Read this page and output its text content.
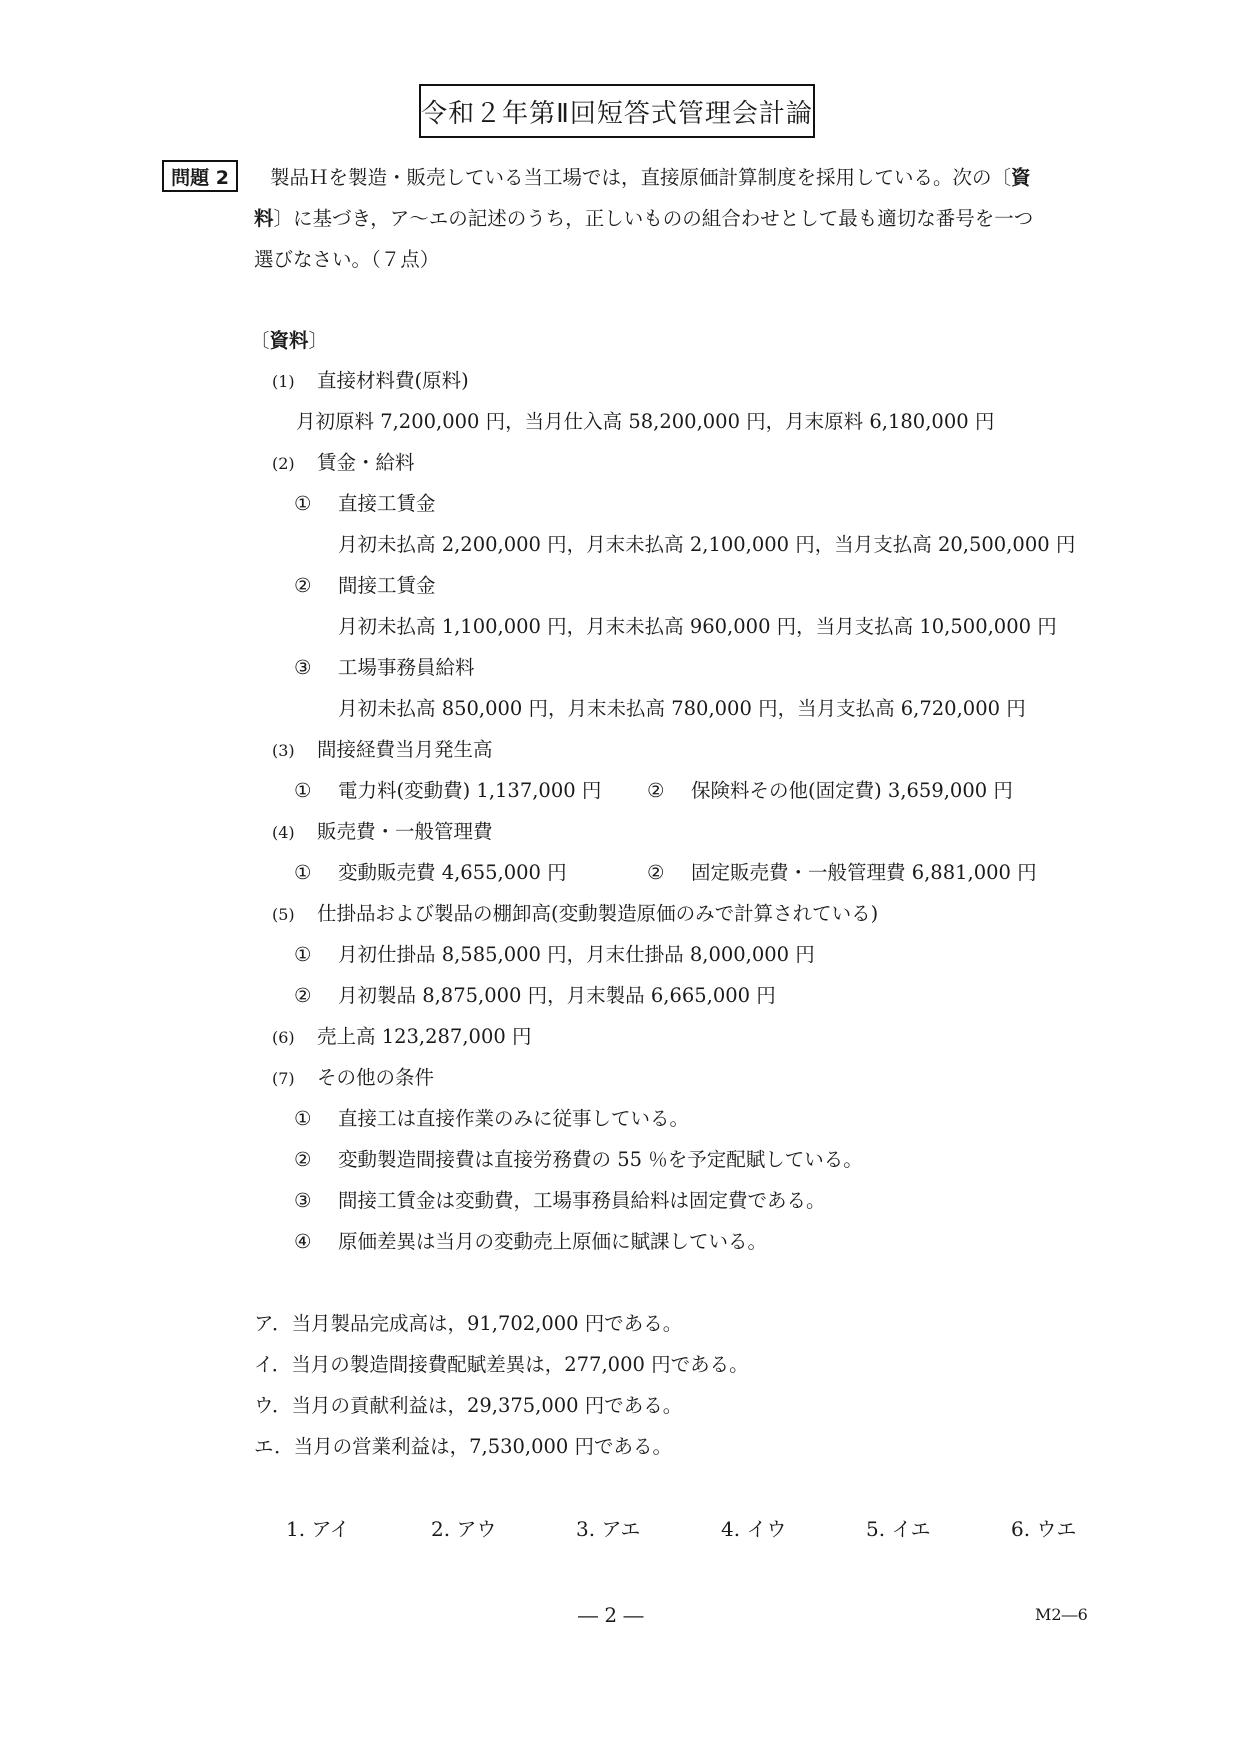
令和２年第Ⅱ回短答式管理会計論
問題 2 製品Ｈを製造・販売している当工場では，直接原価計算制度を採用している。次の〔資
料〕に基づき，ア～エの記述のうち，正しいものの組合わせとして最も適切な番号を一つ
選びなさい。（７点）
〔資料〕
(1) 直接材料費(原料)
月初原料 7,200,000 円，当月仕入高 58,200,000 円，月末原料 6,180,000 円
(2) 賃金・給料
① 直接工賃金
月初未払高 2,200,000 円，月末未払高 2,100,000 円，当月支払高 20,500,000 円
② 間接工賃金
月初未払高 1,100,000 円，月末未払高 960,000 円，当月支払高 10,500,000 円
③ 工場事務員給料
月初未払高 850,000 円，月末未払高 780,000 円，当月支払高 6,720,000 円
(3) 間接経費当月発生高
① 電力料(変動費) 1,137,000 円 ② 保険料その他(固定費) 3,659,000 円
(4) 販売費・一般管理費
① 変動販売費 4,655,000 円	② 固定販売費・一般管理費 6,881,000 円
(5) 仕掛品および製品の棚卸高(変動製造原価のみで計算されている)
① 月初仕掛品 8,585,000 円，月末仕掛品 8,000,000 円
② 月初製品 8,875,000 円，月末製品 6,665,000 円
(6) 売上高 123,287,000 円
(7) その他の条件
① 直接工は直接作業のみに従事している。
② 変動製造間接費は直接労務費の 55 ％を予定配賦している。
③ 間接工賃金は変動費，工場事務員給料は固定費である。
④ 原価差異は当月の変動売上原価に賦課している。
ア．当月製品完成高は，91,702,000 円である。
イ．当月の製造間接費配賦差異は，277,000 円である。
ウ．当月の貢献利益は，29,375,000 円である。
エ．当月の営業利益は，7,530,000 円である。
1. アイ	2. アウ	3. アエ	4. イウ	5. イエ	6. ウエ
― 2 ―	M2―6
